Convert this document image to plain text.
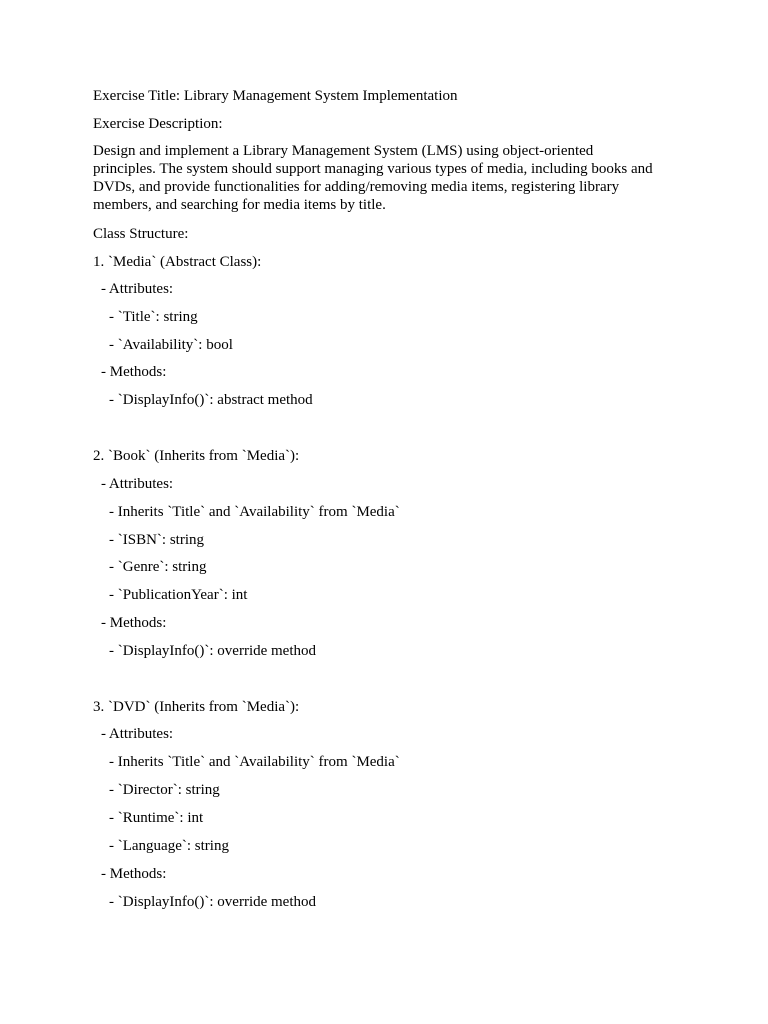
Exercise Title: Library Management System Implementation
Exercise Description:
Design and implement a Library Management System (LMS) using object-oriented
principles. The system should support managing various types of media, including books and
DVDs, and provide functionalities for adding/removing media items, registering library
members, and searching for media items by title.
Class Structure:
1. `Media` (Abstract Class):
- Attributes:
- `Title`: string
- `Availability`: bool
- Methods:
- `DisplayInfo()`: abstract method
2. `Book` (Inherits from `Media`):
- Attributes:
- Inherits `Title` and `Availability` from `Media`
- `ISBN`: string
- `Genre`: string
- `PublicationYear`: int
- Methods:
- `DisplayInfo()`: override method
3. `DVD` (Inherits from `Media`):
- Attributes:
- Inherits `Title` and `Availability` from `Media`
- `Director`: string
- `Runtime`: int
- `Language`: string
- Methods:
- `DisplayInfo()`: override method
